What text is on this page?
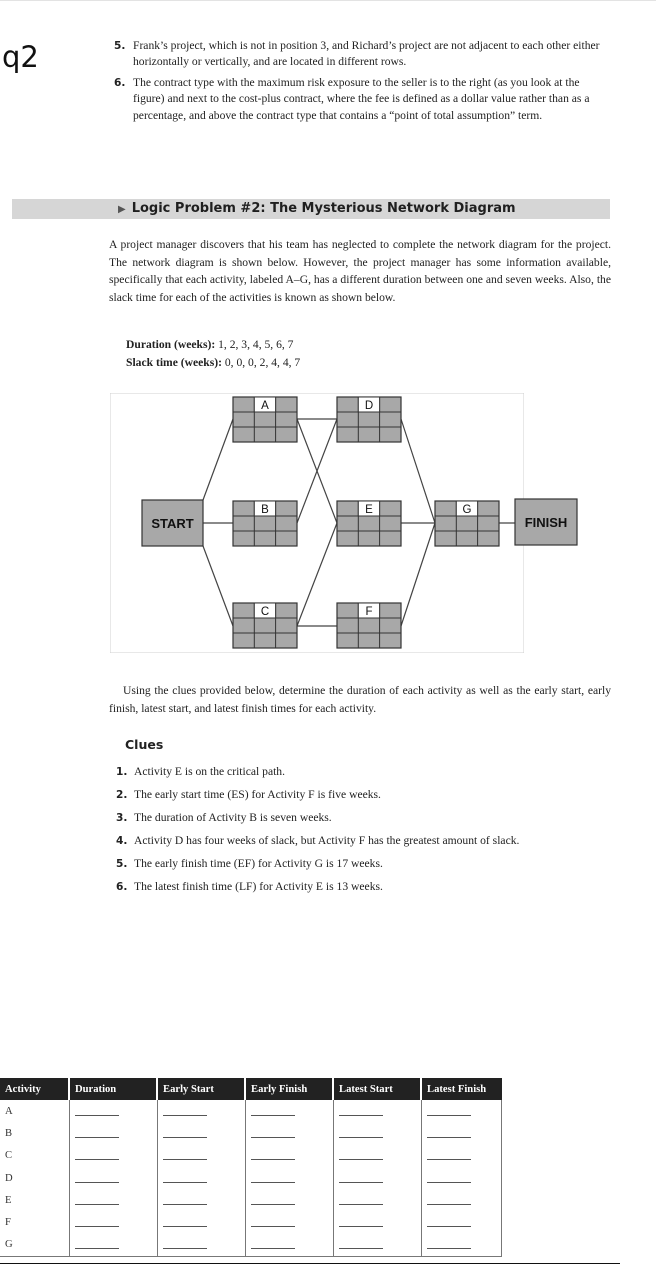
q2	5. Frank’s project, which is not in position 3, and Richard’s project are not adjacent to each other either horizontally or vertically, and are located in different rows.
6. The contract type with the maximum risk exposure to the seller is to the right (as you look at the figure) and next to the cost-plus contract, where the fee is defined as a dollar value rather than as a percentage, and above the contract type that contains a “point of total assumption” term.
▶ Logic Problem #2: The Mysterious Network Diagram
A project manager discovers that his team has neglected to complete the network diagram for the project. The network diagram is shown below. However, the project manager has some information available, specifically that each activity, labeled A–G, has a different duration between one and seven weeks. Also, the slack time for each of the activities is known as shown below.
Duration (weeks): 1, 2, 3, 4, 5, 6, 7
Slack time (weeks): 0, 0, 0, 2, 4, 4, 7
START
A
B
C
D
E
F
G
FINISH
Using the clues provided below, determine the duration of each activity as well as the early start, early finish, latest start, and latest finish times for each activity.
Clues
1. Activity E is on the critical path.
2. The early start time (ES) for Activity F is five weeks.
3. The duration of Activity B is seven weeks.
4. Activity D has four weeks of slack, but Activity F has the greatest amount of slack.
5. The early finish time (EF) for Activity G is 17 weeks.
6. The latest finish time (LF) for Activity E is 13 weeks.
Activity	Duration	Early Start	Early Finish	Latest Start	Latest Finish
A					
B					
C					
D					
E					
F					
G					
